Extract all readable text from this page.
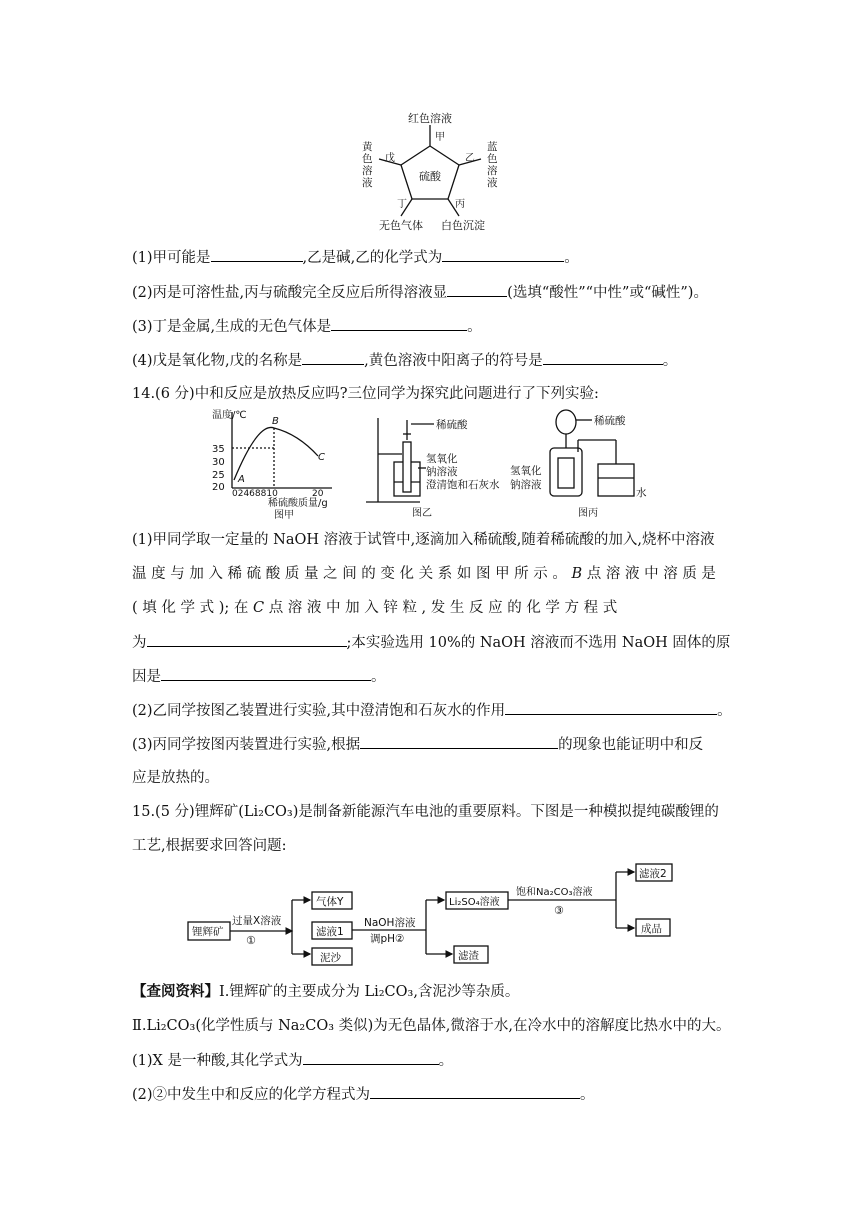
硫酸
红色溶液
甲
乙
戊
丁	丙
无色气体 白色沉淀
蓝色溶液
黄色溶液
(1)甲可能是	,乙是碱,乙的化学式为	。
(2)丙是可溶性盐,丙与硫酸完全反应后所得溶液显	(选填“酸性”“中性”或“碱性”)。
(3)丁是金属,生成的无色气体是	。
(4)戊是氧化物,戊的名称是	,黄色溶液中阳离子的符号是	。
14.(6 分)中和反应是放热反应吗?三位同学为探究此问题进行了下列实验:
温度/℃
35
30
25
20
02468810	20
稀硫酸质量/g
图甲
A
B
C
稀硫酸
氢氧化
钠溶液
澄清饱和石灰水
图乙
稀硫酸
水
氢氧化
钠溶液
图丙
(1)甲同学取一定量的 NaOH 溶液于试管中,逐滴加入稀硫酸,随着稀硫酸的加入,烧杯中溶液
温 度 与 加 入 稀 硫 酸 质 量 之 间 的 变 化 关 系 如 图 甲 所 示 。 B 点 溶 液 中 溶 质 是
( 填 化 学 式 ); 在 C 点 溶 液 中 加 入 锌 粒 , 发 生 反 应 的 化 学 方 程 式
为	;本实验选用 10%的 NaOH 溶液而不选用 NaOH 固体的原
因是	。
(2)乙同学按图乙装置进行实验,其中澄清饱和石灰水的作用	。
(3)丙同学按图丙装置进行实验,根据	的现象也能证明中和反
应是放热的。
15.(5 分)锂辉矿(Li₂CO₃)是制备新能源汽车电池的重要原料。下图是一种模拟提纯碳酸锂的
工艺,根据要求回答问题:
锂辉矿
过量X溶液
①
气体Y
滤液1
泥沙
NaOH溶液
调pH②
Li₂SO₄溶液
滤渣
饱和Na₂CO₃溶液
③
滤液2
成品
【查阅资料】Ⅰ.锂辉矿的主要成分为 Li₂CO₃,含泥沙等杂质。
Ⅱ.Li₂CO₃(化学性质与 Na₂CO₃ 类似)为无色晶体,微溶于水,在冷水中的溶解度比热水中的大。
(1)X 是一种酸,其化学式为	。
(2)②中发生中和反应的化学方程式为	。
